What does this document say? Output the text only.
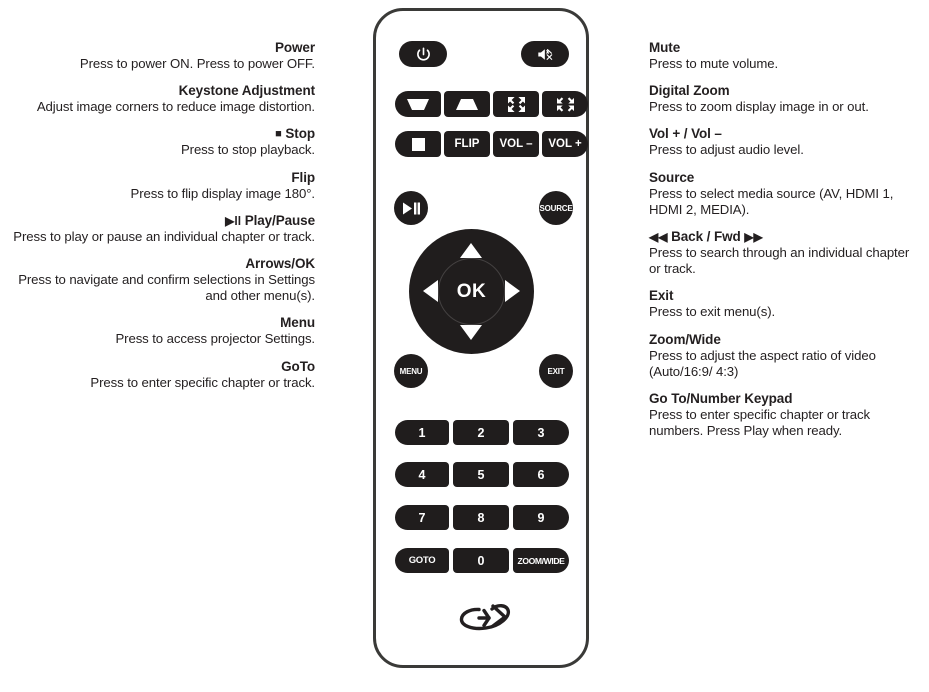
Power
Press to power ON. Press to power OFF.
Keystone Adjustment
Adjust image corners to reduce image distortion.
■ Stop
Press to stop playback.
Flip
Press to flip display image 180°.
▶ll Play/Pause
Press to play or pause an individual chapter or track.
Arrows/OK
Press to navigate and confirm selections in Settings and other menu(s).
Menu
Press to access projector Settings.
GoTo
Press to enter specific chapter or track.
Mute
Press to mute volume.
Digital Zoom
Press to zoom display image in or out.
Vol + / Vol –
Press to adjust audio level.
Source
Press to select media source (AV, HDMI 1, HDMI 2, MEDIA).
◀◀ Back / Fwd ▶▶
Press to search through an individual chapter or track.
Exit
Press to exit menu(s).
Zoom/Wide
Press to adjust the aspect ratio of video (Auto/16:9/ 4:3)
Go To/Number Keypad
Press to enter specific chapter or track numbers. Press Play when ready.
FLIP	VOL –	VOL +
SOURCE
MENU	EXIT
OK
1	2	3
4	5	6
7	8	9
GOTO	0	ZOOM/WIDE
